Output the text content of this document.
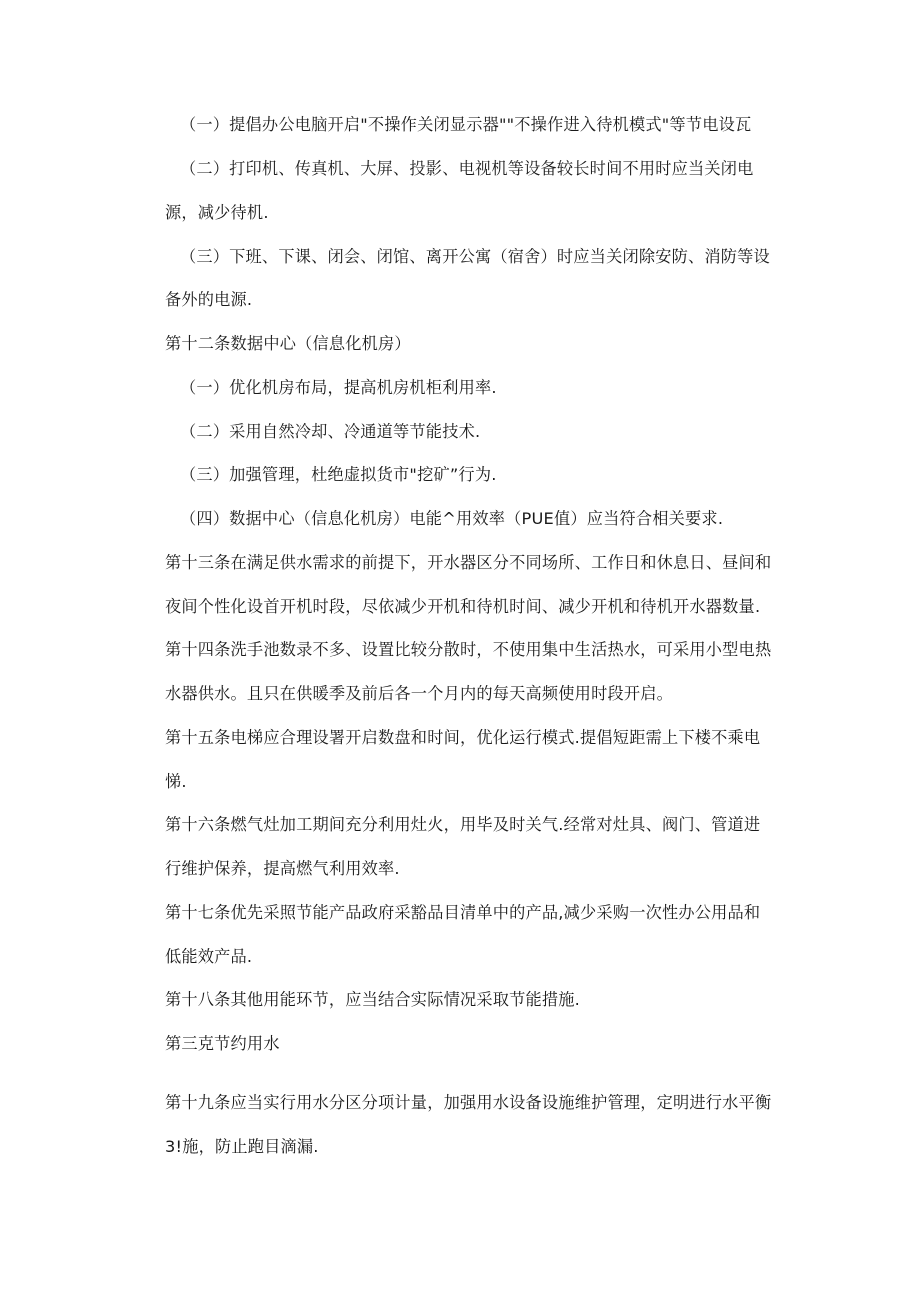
（一）提倡办公电脑开启"不操作关闭显示器""不操作进入待机模式"等节电设瓦

（二）打印机、传真机、大屏、投影、电视机等设备较长时间不用时应当关闭电

源，减少待机.

（三）下班、下课、闭会、闭馆、离开公寓（宿舍）时应当关闭除安防、消防等设

备外的电源.

第十二条数据中心（信息化机房）

（一）优化机房布局，提高机房机柜利用率.

（二）采用自然冷却、冷通道等节能技术.

（三）加强管理，杜绝虚拟货市"挖矿”行为.

（四）数据中心（信息化机房）电能^用效率（PUE值）应当符合相关要求.

第十三条在满足供水需求的前提下，开水器区分不同场所、工作日和休息日、昼间和

夜间个性化设首开机时段，尽依减少开机和待机时间、减少开机和待机开水器数量.

第十四条洗手池数录不多、设置比较分散时，不使用集中生活热水，可采用小型电热

水器供水。且只在供暖季及前后各一个月内的每天高频使用时段开启。

第十五条电梯应合理设署开启数盘和时间，优化运行模式.提倡短距需上下楼不乘电

悌.

第十六条燃气灶加工期间充分利用灶火，用毕及时关气.经常对灶具、阀门、管道进

行维护保养，提高燃气利用效率.

第十七条优先采照节能产品政府采豁品目清单中的产品,减少采购一次性办公用品和

低能效产品.

第十八条其他用能环节，应当结合实际情况采取节能措施.

第三克节约用水

第十九条应当实行用水分区分项计量，加强用水设备设施维护管理，定明进行水平衡

3!施，防止跑目滴漏.
